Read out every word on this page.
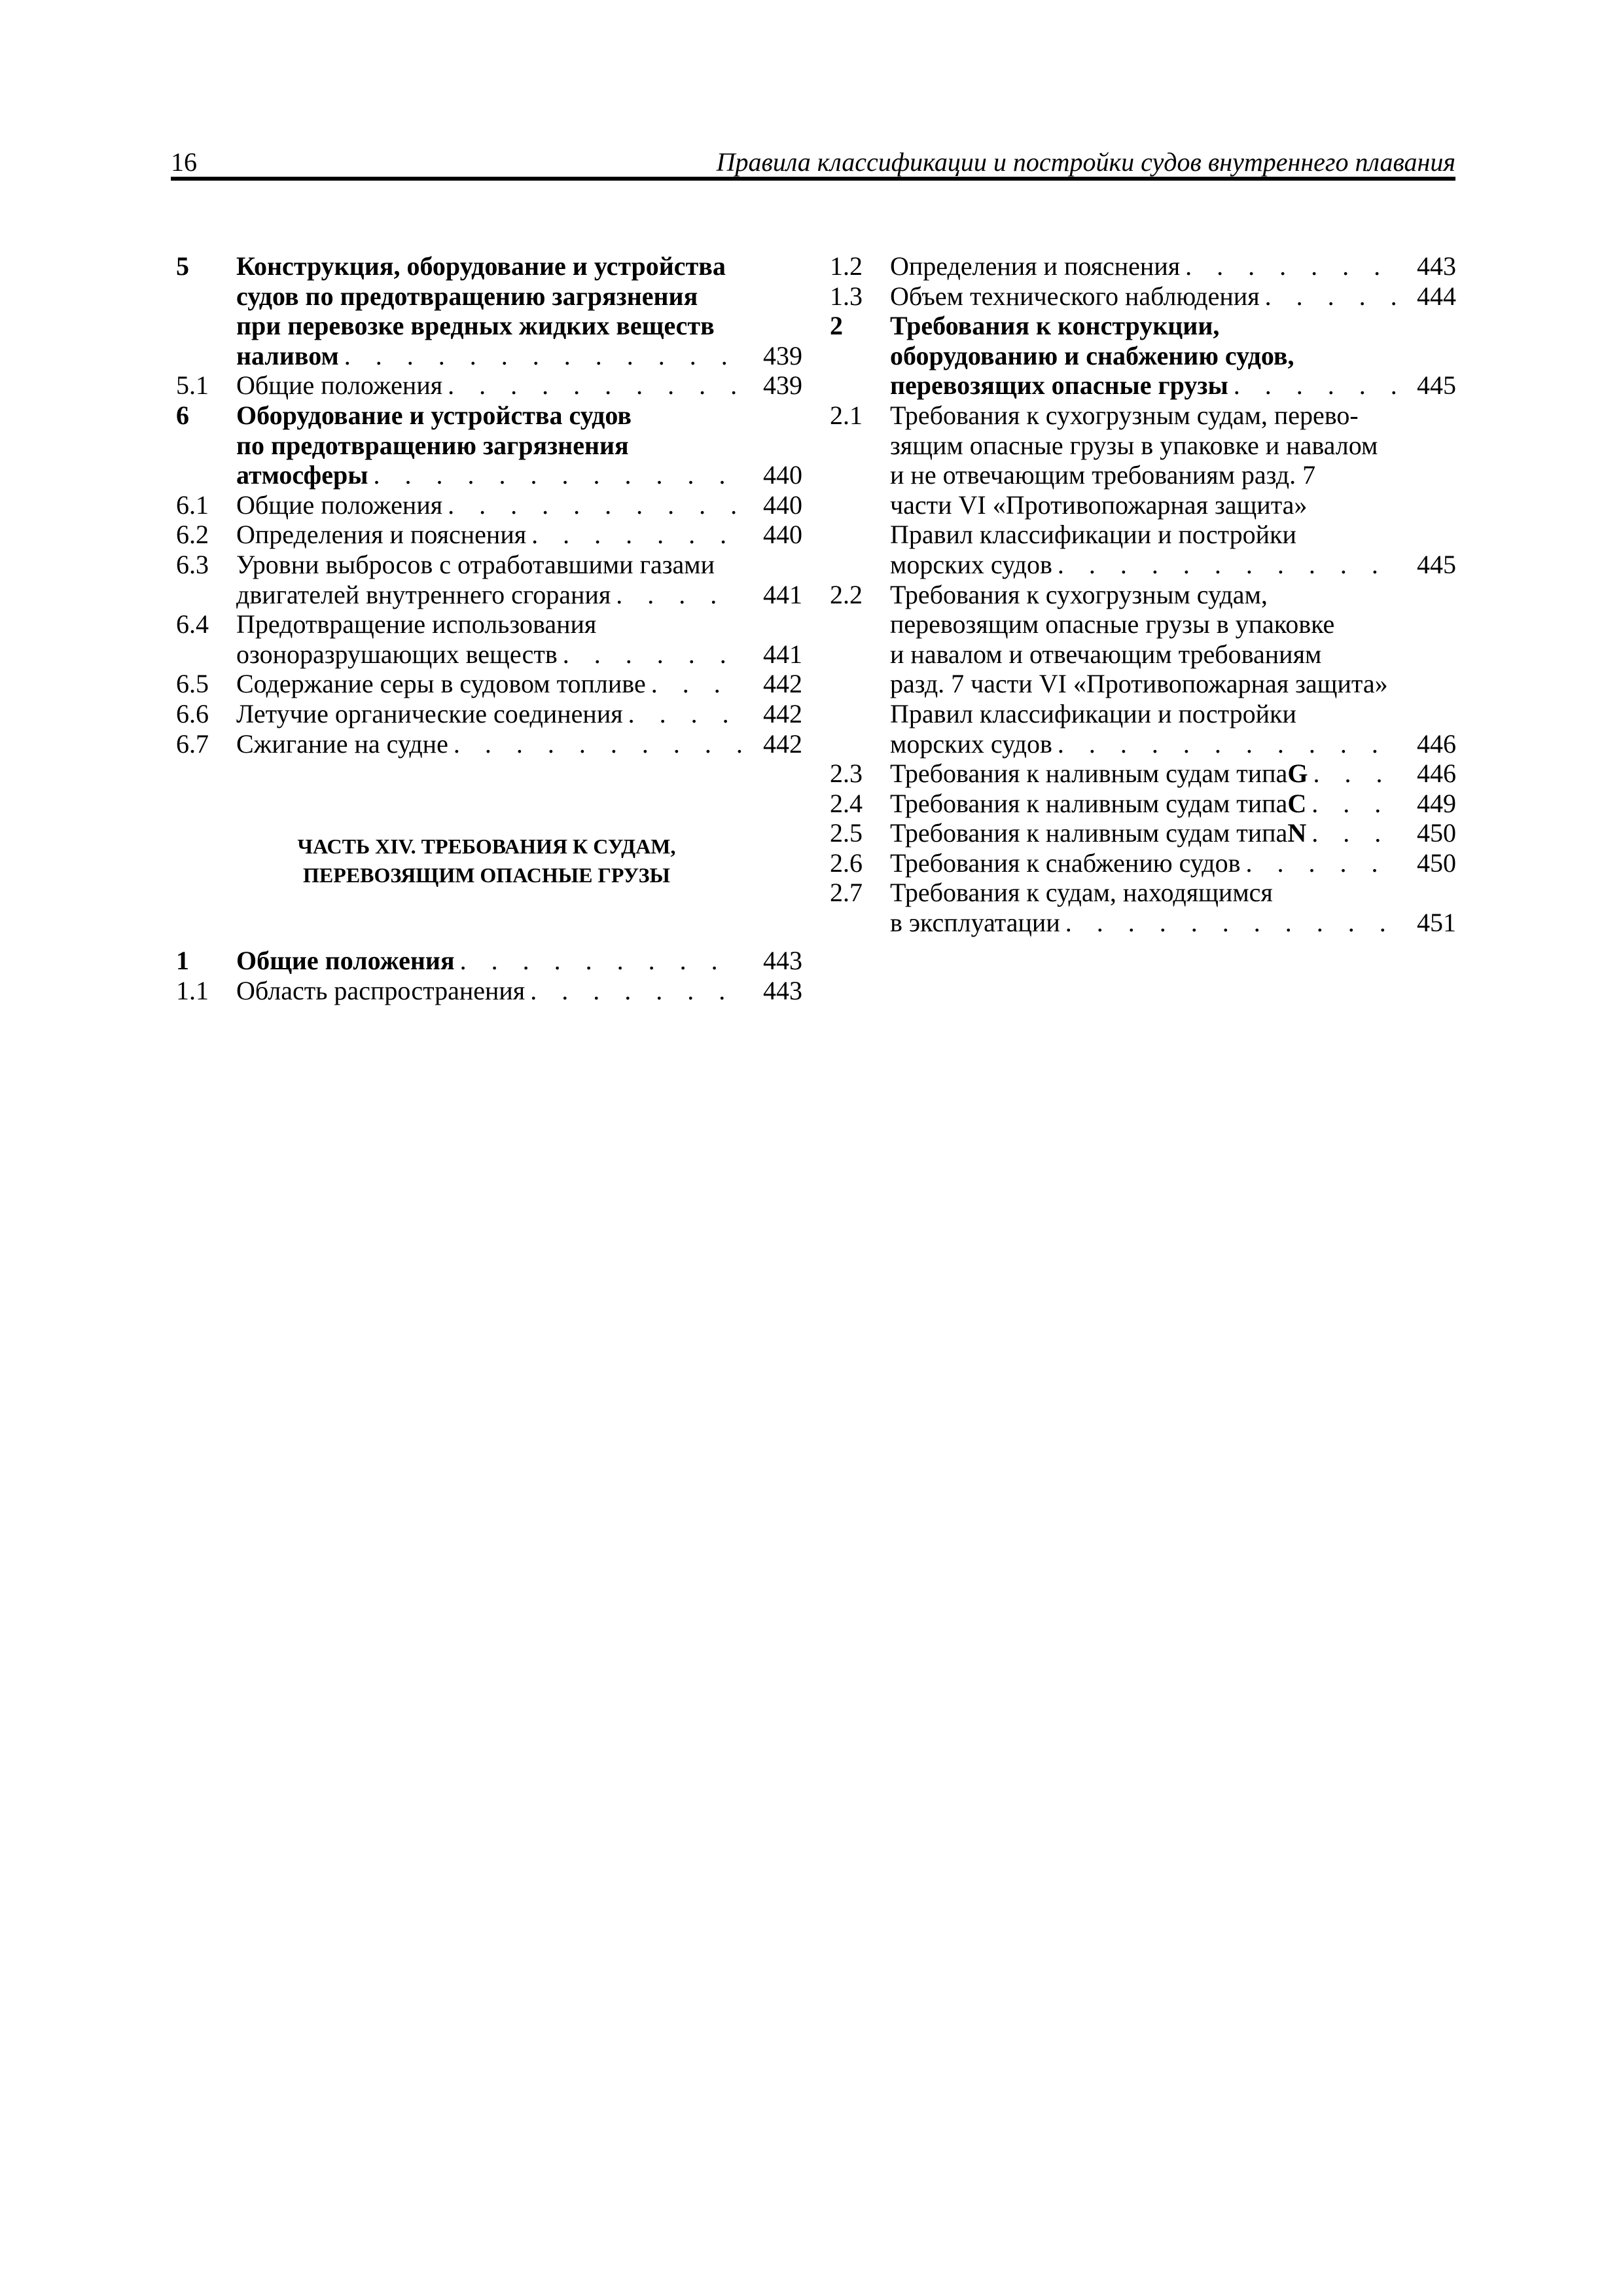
16	Правила классификации и постройки судов внутреннего плавания
5	Конструкция, оборудование и устройства
судов по предотвращению загрязнения
при перевозке вредных жидких веществ
наливом . . .	439
5.1	Общие положения . . .	439
6	Оборудование и устройства судов
по предотвращению загрязнения
атмосферы . . .	440
6.1	Общие положения . . .	440
6.2	Определения и пояснения . . .	440
6.3	Уровни выбросов с отработавшими газами
двигателей внутреннего сгорания . . .	441
6.4	Предотвращение использования
озоноразрушающих веществ . . .	441
6.5	Содержание серы в судовом топливе . . .	442
6.6	Летучие органические соединения . . .	442
6.7	Сжигание на судне . . .	442
ЧАСТЬ XIV. ТРЕБОВАНИЯ К СУДАМ,
ПЕРЕВОЗЯЩИМ ОПАСНЫЕ ГРУЗЫ
1	Общие положения . . .	443
1.1	Область распространения . . .	443
1.2	Определения и пояснения . . .	443
1.3	Объем технического наблюдения . . .	444
2	Требования к конструкции,
оборудованию и снабжению судов,
перевозящих опасные грузы . . .	445
2.1	Требования к сухогрузным судам, перево-
зящим опасные грузы в упаковке и навалом
и не отвечающим требованиям разд. 7
части VI «Противопожарная защита»
Правил классификации и постройки
морских судов . . .	445
2.2	Требования к сухогрузным судам,
перевозящим опасные грузы в упаковке
и навалом и отвечающим требованиям
разд. 7 части VI «Противопожарная защита»
Правил классификации и постройки
морских судов . . .	446
2.3	Требования к наливным судам типа G . . .	446
2.4	Требования к наливным судам типа C . . .	449
2.5	Требования к наливным судам типа N . . .	450
2.6	Требования к снабжению судов . . .	450
2.7	Требования к судам, находящимся
в эксплуатации . . .	451
